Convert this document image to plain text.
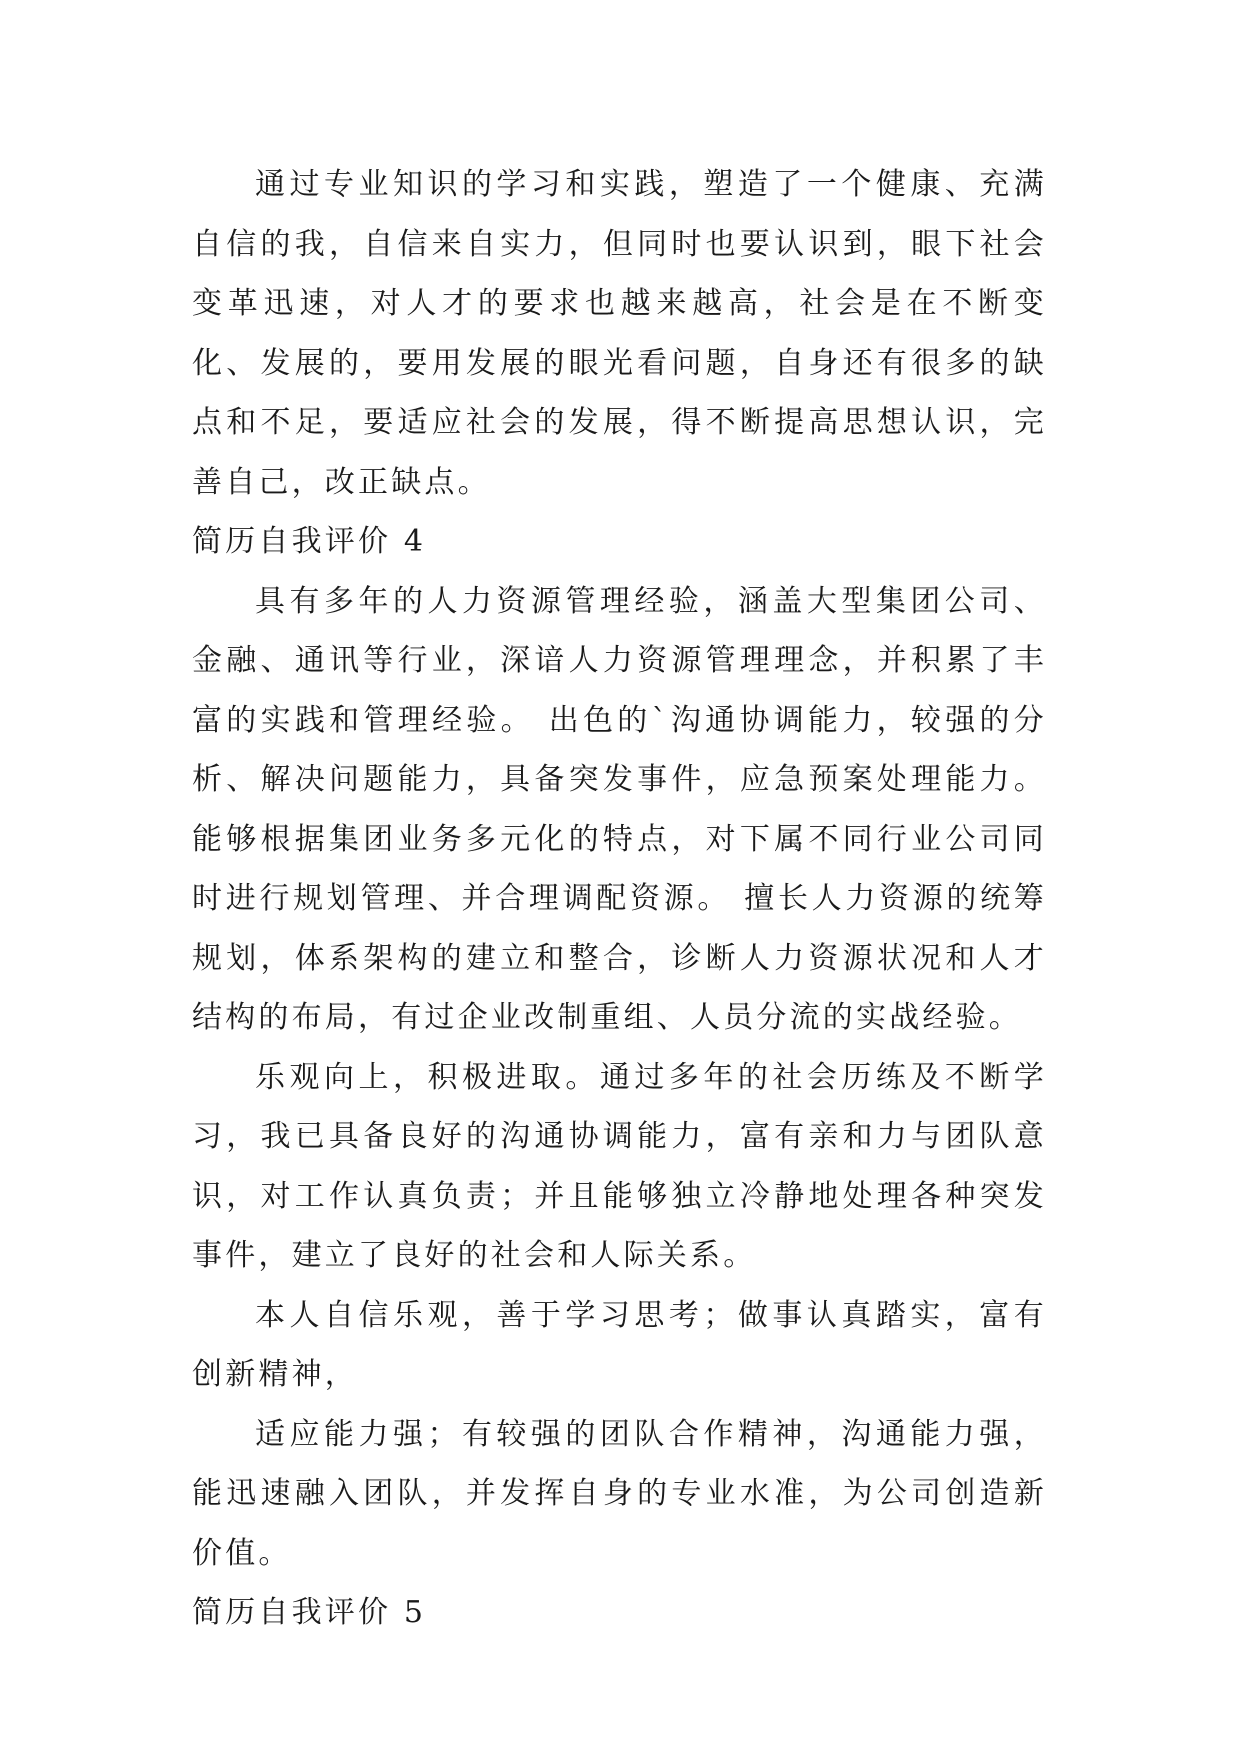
通过专业知识的学习和实践，塑造了一个健康、充满自信的我，自信来自实力，但同时也要认识到，眼下社会变革迅速，对人才的要求也越来越高，社会是在不断变化、发展的，要用发展的眼光看问题，自身还有很多的缺点和不足，要适应社会的发展，得不断提高思想认识，完善自己，改正缺点。

简历自我评价 4

具有多年的人力资源管理经验，涵盖大型集团公司、金融、通讯等行业，深谙人力资源管理理念，并积累了丰富的实践和管理经验。 出色的`沟通协调能力，较强的分析、解决问题能力，具备突发事件，应急预案处理能力。能够根据集团业务多元化的特点，对下属不同行业公司同时进行规划管理、并合理调配资源。 擅长人力资源的统筹规划，体系架构的建立和整合，诊断人力资源状况和人才结构的布局，有过企业改制重组、人员分流的实战经验。

乐观向上，积极进取。通过多年的社会历练及不断学习，我已具备良好的沟通协调能力，富有亲和力与团队意识，对工作认真负责；并且能够独立冷静地处理各种突发事件，建立了良好的社会和人际关系。

本人自信乐观，善于学习思考；做事认真踏实，富有创新精神，

适应能力强；有较强的团队合作精神，沟通能力强，能迅速融入团队，并发挥自身的专业水准，为公司创造新价值。

简历自我评价 5
